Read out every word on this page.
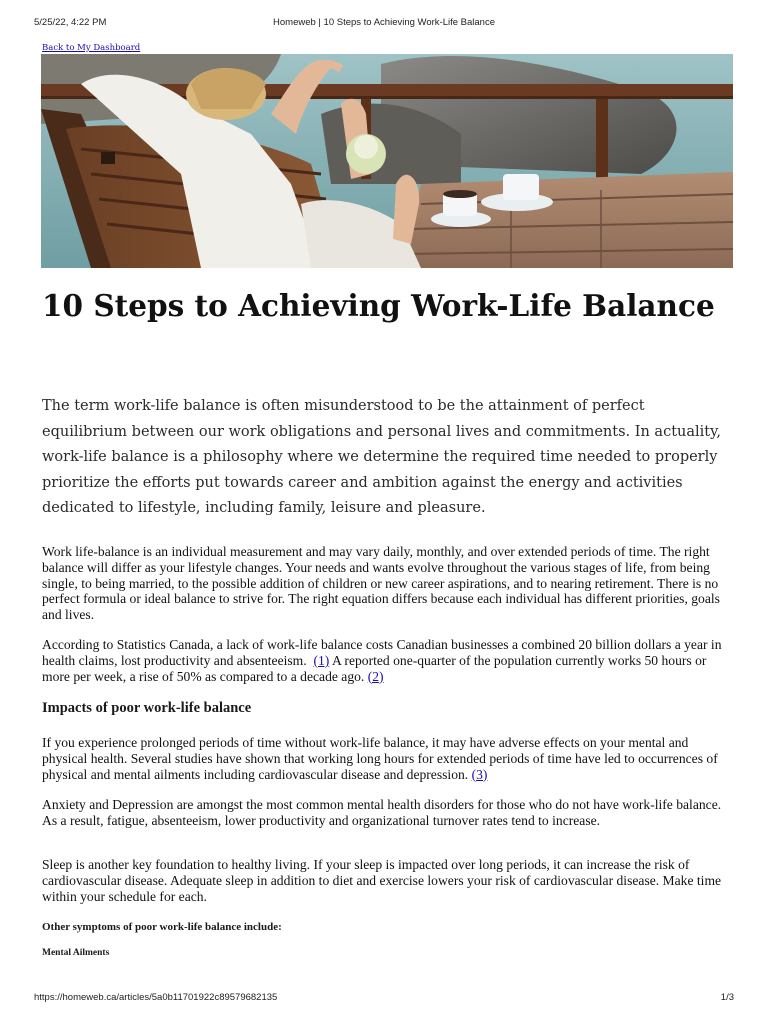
5/25/22, 4:22 PM	Homeweb | 10 Steps to Achieving Work-Life Balance
Back to My Dashboard
10 Steps to Achieving Work-Life Balance

The term work-life balance is often misunderstood to be the attainment of perfect equilibrium between our work obligations and personal lives and commitments. In actuality, work-life balance is a philosophy where we determine the required time needed to properly prioritize the efforts put towards career and ambition against the energy and activities dedicated to lifestyle, including family, leisure and pleasure.

Work life-balance is an individual measurement and may vary daily, monthly, and over extended periods of time. The right balance will differ as your lifestyle changes. Your needs and wants evolve throughout the various stages of life, from being single, to being married, to the possible addition of children or new career aspirations, and to nearing retirement. There is no perfect formula or ideal balance to strive for. The right equation differs because each individual has different priorities, goals and lives.

According to Statistics Canada, a lack of work-life balance costs Canadian businesses a combined 20 billion dollars a year in health claims, lost productivity and absenteeism. (1) A reported one-quarter of the population currently works 50 hours or more per week, a rise of 50% as compared to a decade ago. (2)

Impacts of poor work-life balance

If you experience prolonged periods of time without work-life balance, it may have adverse effects on your mental and physical health. Several studies have shown that working long hours for extended periods of time have led to occurrences of physical and mental ailments including cardiovascular disease and depression. (3)

Anxiety and Depression are amongst the most common mental health disorders for those who do not have work-life balance. As a result, fatigue, absenteeism, lower productivity and organizational turnover rates tend to increase.

Sleep is another key foundation to healthy living. If your sleep is impacted over long periods, it can increase the risk of cardiovascular disease. Adequate sleep in addition to diet and exercise lowers your risk of cardiovascular disease. Make time within your schedule for each.

Other symptoms of poor work-life balance include:
Mental Ailments
https://homeweb.ca/articles/5a0b11701922c89579682135	1/3
